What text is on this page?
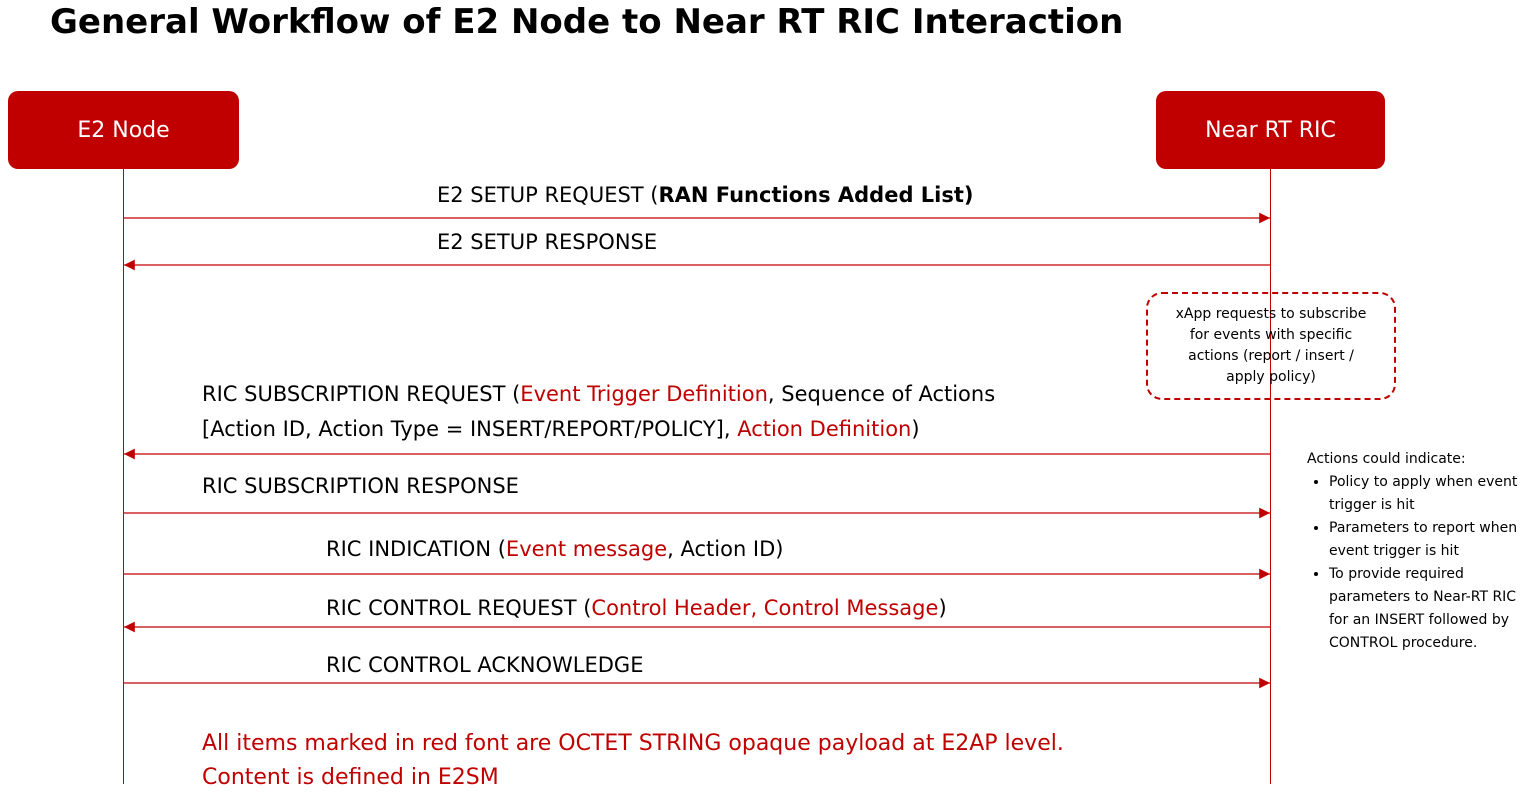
General Workflow of E2 Node to Near RT RIC Interaction
E2 Node	Near RT RIC
E2 SETUP REQUEST (RAN Functions Added List)
E2 SETUP RESPONSE
RIC SUBSCRIPTION REQUEST (Event Trigger Definition, Sequence of Actions
[Action ID, Action Type = INSERT/REPORT/POLICY], Action Definition)
RIC SUBSCRIPTION RESPONSE
RIC INDICATION (Event message, Action ID)
RIC CONTROL REQUEST (Control Header, Control Message)
RIC CONTROL ACKNOWLEDGE
xApp requests to subscribe
for events with specific
actions (report / insert /
apply policy)
Actions could indicate:
• Policy to apply when event trigger is hit
• Parameters to report when event trigger is hit
• To provide required parameters to Near-RT RIC for an INSERT followed by CONTROL procedure.
All items marked in red font are OCTET STRING opaque payload at E2AP level.
Content is defined in E2SM
